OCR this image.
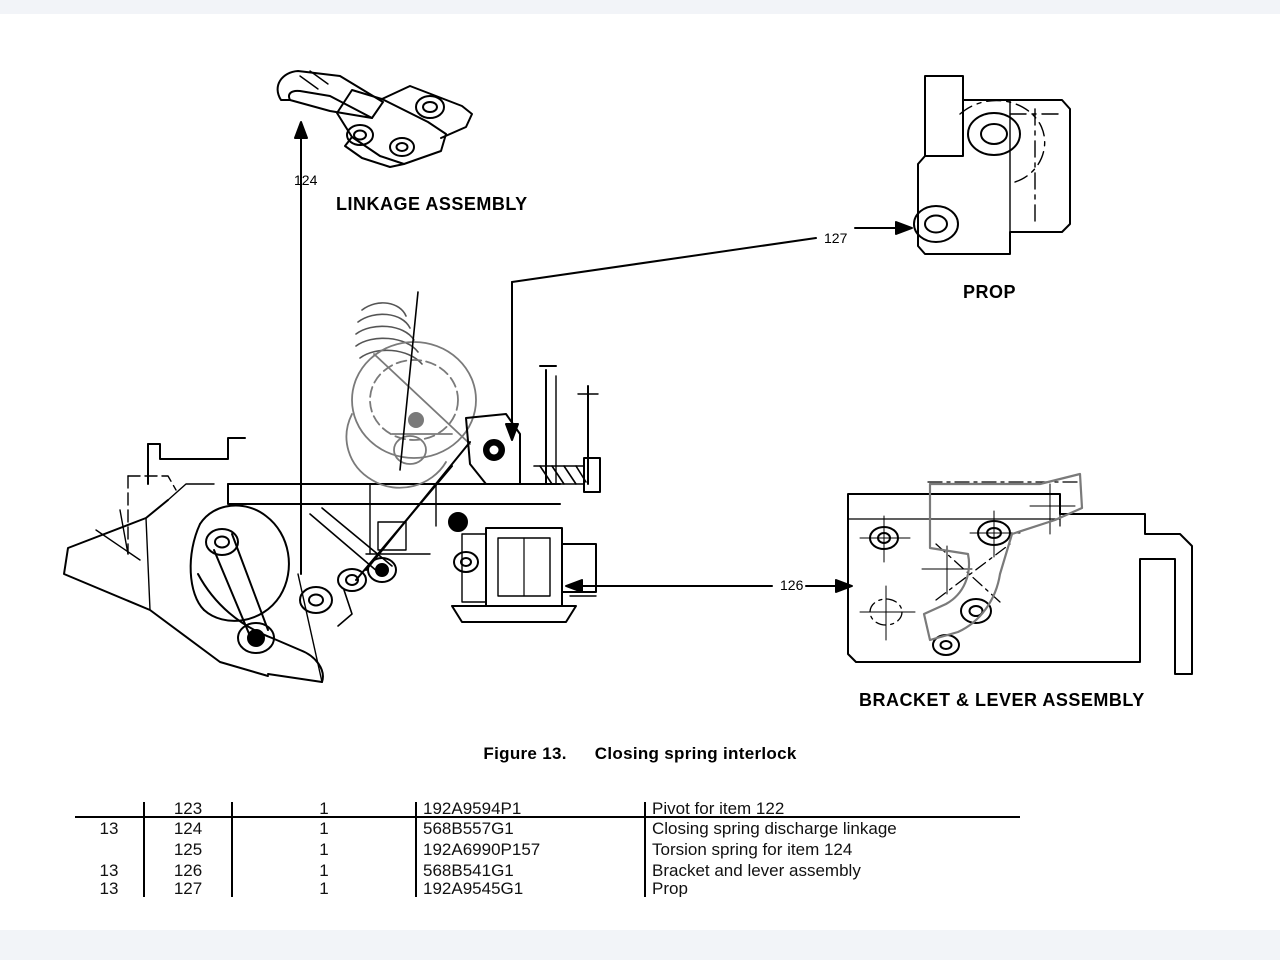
LINKAGE ASSEMBLY
PROP
BRACKET & LEVER ASSEMBLY
124
127
126
Figure 13. Closing spring interlock
	123	1	192A9594P1	Pivot for item 122
13	124	1	568B557G1	Closing spring discharge linkage
	125	1	192A6990P157	Torsion spring for item 124
13	126	1	568B541G1	Bracket and lever assembly
13	127	1	192A9545G1	Prop
